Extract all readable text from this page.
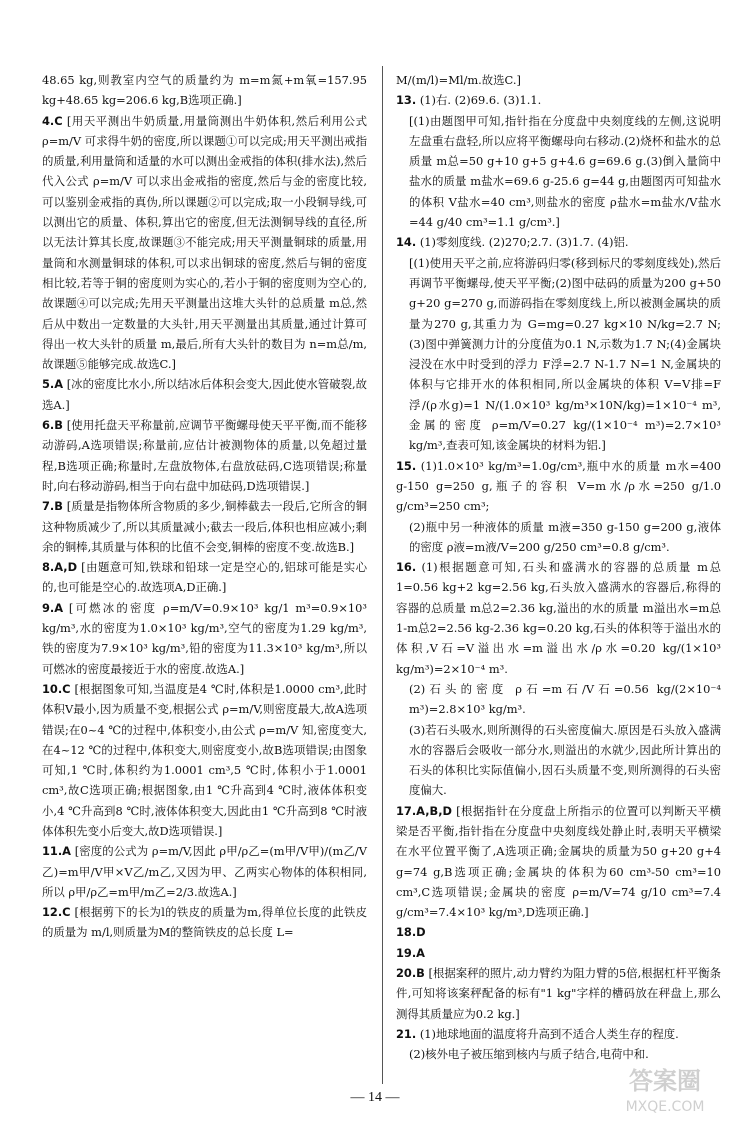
48.65 kg,则教室内空气的质量约为 m=m氮+m氧=157.95 kg+48.65 kg=206.6 kg,B选项正确.]

4.C [用天平测出牛奶质量,用量筒测出牛奶体积,然后利用公式 ρ=m/V 可求得牛奶的密度,所以课题①可以完成;用天平测出戒指的质量,利用量筒和适量的水可以测出金戒指的体积(排水法),然后代入公式 ρ=m/V 可以求出金戒指的密度,然后与金的密度比较,可以鉴别金戒指的真伪,所以课题②可以完成;取一小段铜导线,可以测出它的质量、体积,算出它的密度,但无法测铜导线的直径,所以无法计算其长度,故课题③不能完成;用天平测量铜球的质量,用量筒和水测量铜球的体积,可以求出铜球的密度,然后与铜的密度相比较,若等于铜的密度则为实心的,若小于铜的密度则为空心的,故课题④可以完成;先用天平测量出这堆大头针的总质量 m总,然后从中数出一定数量的大头针,用天平测量出其质量,通过计算可得出一枚大头针的质量 m,最后,所有大头针的数目为 n=m总/m,故课题⑤能够完成.故选C.]

5.A [冰的密度比水小,所以结冰后体积会变大,因此使水管破裂,故选A.]

6.B [使用托盘天平称量前,应调节平衡螺母使天平平衡,而不能移动游码,A选项错误;称量前,应估计被测物体的质量,以免超过量程,B选项正确;称量时,左盘放物体,右盘放砝码,C选项错误;称量时,向右移动游码,相当于向右盘中加砝码,D选项错误.]

7.B [质量是指物体所含物质的多少,铜棒截去一段后,它所含的铜这种物质减少了,所以其质量减小;截去一段后,体积也相应减小;剩余的铜棒,其质量与体积的比值不会变,铜棒的密度不变.故选B.]

8.A,D [由题意可知,铁球和铅球一定是空心的,铝球可能是实心的,也可能是空心的.故选项A,D正确.]

9.A [可燃冰的密度 ρ=m/V=0.9×10³ kg/1 m³=0.9×10³ kg/m³,水的密度为1.0×10³ kg/m³,空气的密度为1.29 kg/m³,铁的密度为7.9×10³ kg/m³,铅的密度为11.3×10³ kg/m³,所以可燃冰的密度最接近于水的密度.故选A.]

10.C [根据图象可知,当温度是4 ℃时,体积是1.0000 cm³,此时体积V最小,因为质量不变,根据公式 ρ=m/V,则密度最大,故A选项错误;在0~4 ℃的过程中,体积变小,由公式 ρ=m/V 知,密度变大,在4~12 ℃的过程中,体积变大,则密度变小,故B选项错误;由图象可知,1 ℃时,体积约为1.0001 cm³,5 ℃时,体积小于1.0001 cm³,故C选项正确;根据图象,由1 ℃升高到4 ℃时,液体体积变小,4 ℃升高到8 ℃时,液体体积变大,因此由1 ℃升高到8 ℃时液体体积先变小后变大,故D选项错误.]

11.A [密度的公式为 ρ=m/V,因此 ρ甲/ρ乙=(m甲/V甲)/(m乙/V乙)=m甲/V甲×V乙/m乙,又因为甲、乙两实心物体的体积相同,所以 ρ甲/ρ乙=m甲/m乙=2/3.故选A.]

12.C [根据剪下的长为l的铁皮的质量为m,得单位长度的此铁皮的质量为 m/l,则质量为M的整筒铁皮的总长度 L=

M/(m/l)=Ml/m.故选C.]

13. (1)右. (2)69.6. (3)1.1.

[(1)由题图甲可知,指针指在分度盘中央刻度线的左侧,这说明左盘重右盘轻,所以应将平衡螺母向右移动.(2)烧杯和盐水的总质量 m总=50 g+10 g+5 g+4.6 g=69.6 g.(3)倒入量筒中盐水的质量 m盐水=69.6 g-25.6 g=44 g,由题图丙可知盐水的体积 V盐水=40 cm³,则盐水的密度 ρ盐水=m盐水/V盐水=44 g/40 cm³=1.1 g/cm³.]

14. (1)零刻度线. (2)270;2.7. (3)1.7. (4)铝.

[(1)使用天平之前,应将游码归零(移到标尺的零刻度线处),然后再调节平衡螺母,使天平平衡;(2)图中砝码的质量为200 g+50 g+20 g=270 g,而游码指在零刻度线上,所以被测金属块的质量为270 g,其重力为 G=mg=0.27 kg×10 N/kg=2.7 N;(3)图中弹簧测力计的分度值为0.1 N,示数为1.7 N;(4)金属块浸没在水中时受到的浮力 F浮=2.7 N-1.7 N=1 N,金属块的体积与它排开水的体积相同,所以金属块的体积 V=V排=F浮/(ρ水g)=1 N/(1.0×10³ kg/m³×10N/kg)=1×10⁻⁴ m³,金属的密度 ρ=m/V=0.27 kg/(1×10⁻⁴ m³)=2.7×10³ kg/m³,查表可知,该金属块的材料为铝.]

15. (1)1.0×10³ kg/m³=1.0g/cm³,瓶中水的质量 m水=400 g-150 g=250 g,瓶子的容积 V=m水/ρ水=250 g/1.0 g/cm³=250 cm³;

(2)瓶中另一种液体的质量 m液=350 g-150 g=200 g,液体的密度 ρ液=m液/V=200 g/250 cm³=0.8 g/cm³.

16. (1)根据题意可知,石头和盛满水的容器的总质量 m总1=0.56 kg+2 kg=2.56 kg,石头放入盛满水的容器后,称得的容器的总质量 m总2=2.36 kg,溢出的水的质量 m溢出水=m总1-m总2=2.56 kg-2.36 kg=0.20 kg,石头的体积等于溢出水的体积,V石=V溢出水=m溢出水/ρ水=0.20 kg/(1×10³ kg/m³)=2×10⁻⁴ m³.

(2)石头的密度 ρ石=m石/V石=0.56 kg/(2×10⁻⁴ m³)=2.8×10³ kg/m³.

(3)若石头吸水,则所测得的石头密度偏大.原因是石头放入盛满水的容器后会吸收一部分水,则溢出的水就少,因此所计算出的石头的体积比实际值偏小,因石头质量不变,则所测得的石头密度偏大.

17.A,B,D [根据指针在分度盘上所指示的位置可以判断天平横梁是否平衡,指针指在分度盘中央刻度线处静止时,表明天平横梁在水平位置平衡了,A选项正确;金属块的质量为50 g+20 g+4 g=74 g,B选项正确;金属块的体积为60 cm³-50 cm³=10 cm³,C选项错误;金属块的密度 ρ=m/V=74 g/10 cm³=7.4 g/cm³=7.4×10³ kg/m³,D选项正确.]

18.D

19.A

20.B [根据案秤的照片,动力臂约为阻力臂的5倍,根据杠杆平衡条件,可知将该案秤配备的标有"1 kg"字样的槽码放在秤盘上,那么测得其质量应为0.2 kg.]

21. (1)地球地面的温度将升高到不适合人类生存的程度.

(2)核外电子被压缩到核内与质子结合,电荷中和.

— 14 —
答案圈
MXQE.COM
